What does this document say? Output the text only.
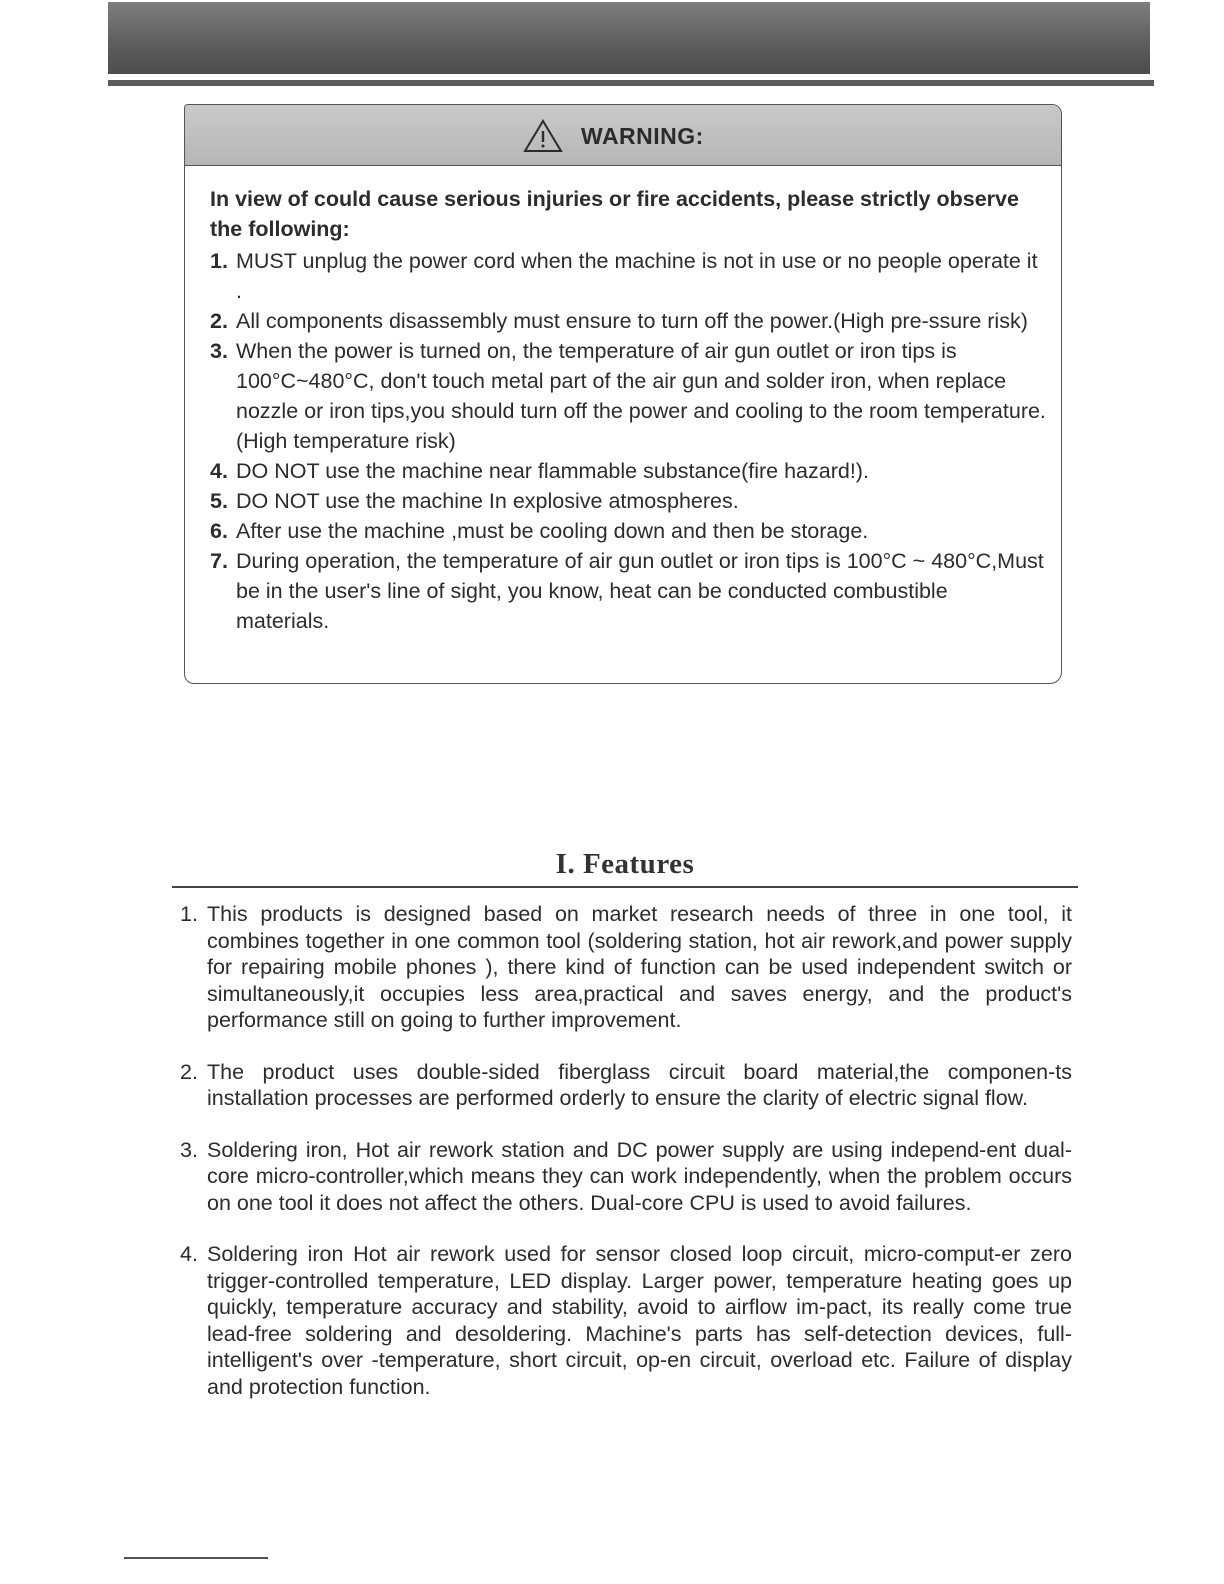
WARNING:

In view of could cause serious injuries or fire accidents, please strictly observe the following:

1. MUST unplug the power cord when the machine is not in use or no people operate it .
2. All components disassembly must ensure to turn off the power.(High pre-ssure risk)
3. When the power is turned on, the temperature of air gun outlet or iron tips is 100°C~480°C, don't touch metal part of the air gun and solder iron, when replace nozzle or iron tips,you should turn off the power and cooling to the room temperature.(High temperature risk)
4. DO NOT use the machine near flammable substance(fire hazard!).
5. DO NOT use the machine In explosive atmospheres.
6. After use the machine ,must be cooling down and then be storage.
7. During operation, the temperature of air gun outlet or iron tips is 100°C ~ 480°C,Must be in the user's line of sight, you know, heat can be conducted combustible materials.
I. Features
1. This products is designed based on market research needs of three in one tool, it combines together in one common tool (soldering station, hot air rework,and power supply for repairing mobile phones ), there kind of function can be used independent switch or simultaneously,it occupies less area,practical and saves energy, and the product's performance still on going to further improvement.
2. The product uses double-sided fiberglass circuit board material,the componen-ts installation processes are performed orderly to ensure the clarity of electric signal flow.
3. Soldering iron, Hot air rework station and DC power supply are using independ-ent dual-core micro-controller,which means they can work independently, when the problem occurs on one tool it does not affect the others. Dual-core CPU is used to avoid failures.
4. Soldering iron Hot air rework used for sensor closed loop circuit, micro-comput-er zero trigger-controlled temperature, LED display. Larger power, temperature heating goes up quickly, temperature accuracy and stability, avoid to airflow im-pact, its really come true lead-free soldering and desoldering. Machine's parts has self-detection devices, full-intelligent's over -temperature, short circuit, op-en circuit, overload etc. Failure of display and protection function.
